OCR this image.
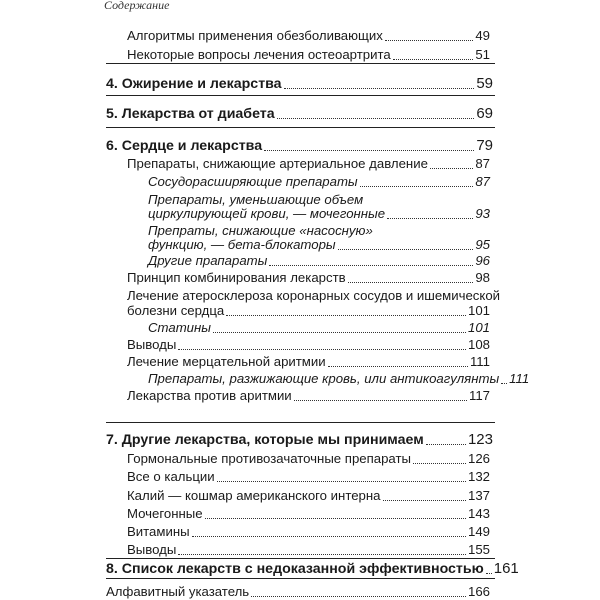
Содержание
Алгоритмы применения обезболивающих	49
Некоторые вопросы лечения остеоартрита	51
4. Ожирение и лекарства	59
5. Лекарства от диабета	69
6. Сердце и лекарства	79
Препараты, снижающие артериальное давление	87
Сосудорасширяющие препараты	87
Препараты, уменьшающие объем
циркулирующей крови, — мочегонные	93
Препраты, снижающие «насосную»
функцию, — бета-блокаторы	95
Другие прапараты	96
Принцип комбинирования лекарств	98
Лечение атеросклероза коронарных сосудов и ишемической
болезни сердца	101
Статины	101
Выводы	108
Лечение мерцательной аритмии	111
Препараты, разжижающие кровь, или антикоагулянты 111
Лекарства против аритмии	117
7. Другие лекарства, которые мы принимаем	123
Гормональные противозачаточные препараты	126
Все о кальции	132
Калий — кошмар американского интерна	137
Мочегонные	143
Витамины	149
Выводы	155
8. Список лекарств с недоказанной эффективностью 161
Алфавитный указатель	166
